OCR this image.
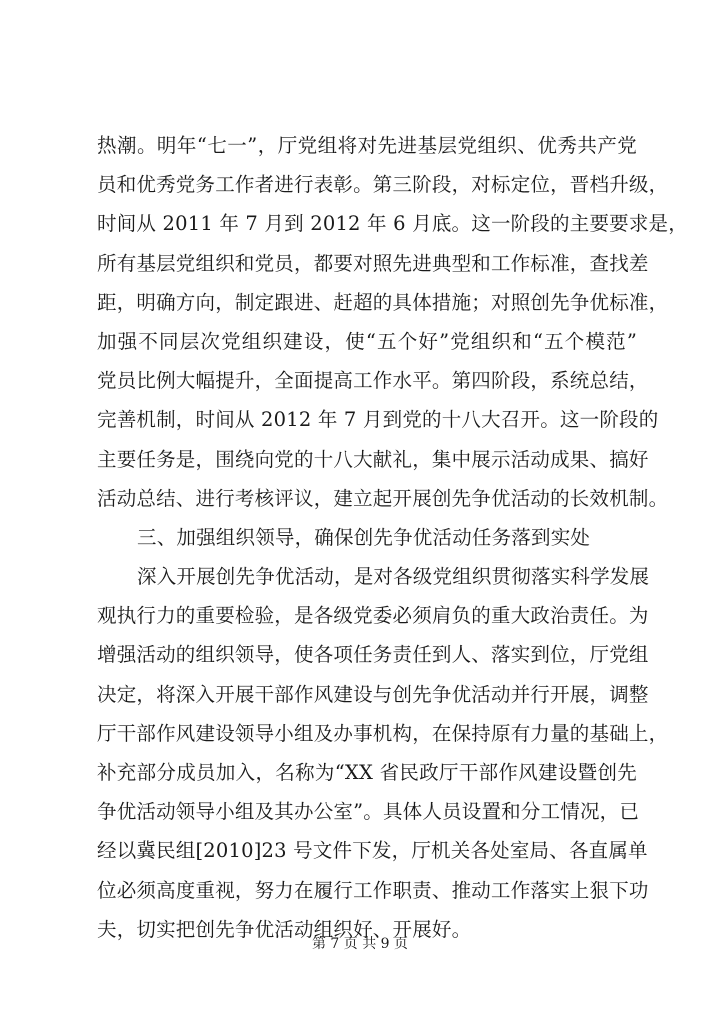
热潮。明年“七一”，厅党组将对先进基层党组织、优秀共产党
员和优秀党务工作者进行表彰。第三阶段，对标定位，晋档升级，
时间从 2011 年 7 月到 2012 年 6 月底。这一阶段的主要要求是，
所有基层党组织和党员，都要对照先进典型和工作标准，查找差
距，明确方向，制定跟进、赶超的具体措施；对照创先争优标准，
加强不同层次党组织建设，使“五个好”党组织和“五个模范”
党员比例大幅提升，全面提高工作水平。第四阶段，系统总结，
完善机制，时间从 2012 年 7 月到党的十八大召开。这一阶段的
主要任务是，围绕向党的十八大献礼，集中展示活动成果、搞好
活动总结、进行考核评议，建立起开展创先争优活动的长效机制。
三、加强组织领导，确保创先争优活动任务落到实处
深入开展创先争优活动，是对各级党组织贯彻落实科学发展
观执行力的重要检验，是各级党委必须肩负的重大政治责任。为
增强活动的组织领导，使各项任务责任到人、落实到位，厅党组
决定，将深入开展干部作风建设与创先争优活动并行开展，调整
厅干部作风建设领导小组及办事机构，在保持原有力量的基础上，
补充部分成员加入，名称为“XX 省民政厅干部作风建设暨创先
争优活动领导小组及其办公室”。具体人员设置和分工情况，已
经以冀民组[2010]23 号文件下发，厅机关各处室局、各直属单
位必须高度重视，努力在履行工作职责、推动工作落实上狠下功
夫，切实把创先争优活动组织好、开展好。
第 7 页 共 9 页
